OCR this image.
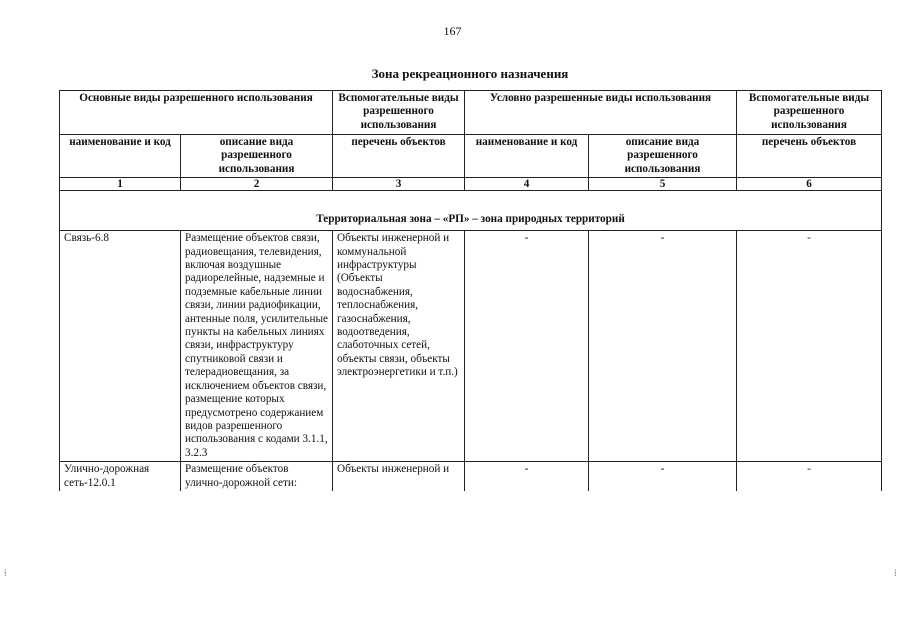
167
Зона рекреационного назначения
Основные виды разрешенного использования		Вспомогательные виды разрешенного использования	Условно разрешенные виды использования		Вспомогательные виды разрешенного использования
наименование и код	описание вида разрешенного использования	перечень объектов	наименование и код	описание вида разрешенного использования	перечень объектов
1	2	3	4	5	6
Территориальная зона – «РП» – зона природных территорий					
Связь-6.8	Размещение объектов связи, радиовещания, телевидения, включая воздушные радиорелейные, надземные и подземные кабельные линии связи, линии радиофикации, антенные поля, усилительные пункты на кабельных линиях связи, инфраструктуру спутниковой связи и телерадиовещания, за исключением объектов связи, размещение которых предусмотрено содержанием видов разрешенного использования с кодами 3.1.1, 3.2.3	Объекты инженерной и коммунальной инфраструктуры (Объекты водоснабжения, теплоснабжения, газоснабжения, водоотведения, слаботочных сетей, объекты связи, объекты электроэнергетики и т.п.)	-	-	-
Улично-дорожная сеть-12.0.1	Размещение объектов улично-дорожной сети:	Объекты инженерной и	-	-	-
⁞	⁞
